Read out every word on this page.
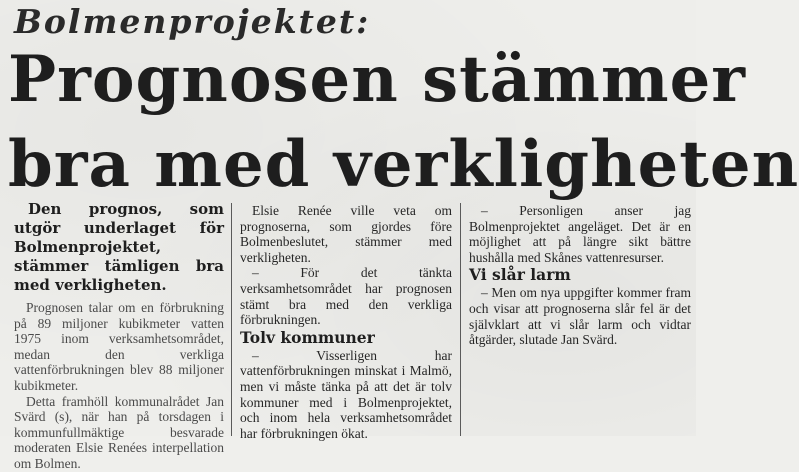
Bolmenprojektet:
Prognosen stämmer
bra med verkligheten

Den prognos, som utgör underlaget för Bolmenprojektet, stämmer tämligen bra med verkligheten.

Prognosen talar om en förbrukning på 89 miljoner kubikmeter vatten 1975 inom verksamhetsområdet, medan den verkliga vattenförbrukningen blev 88 miljoner kubikmeter.

Detta framhöll kommunalrådet Jan Svärd (s), när han på torsdagen i kommunfullmäktige besvarade moderaten Elsie Renées interpellation om Bolmen.

Elsie Renée ville veta om prognoserna, som gjordes före Bolmenbeslutet, stämmer med verkligheten.

– För det tänkta verksamhetsområdet har prognosen stämt bra med den verkliga förbrukningen.

Tolv kommuner

– Visserligen har vattenförbrukningen minskat i Malmö, men vi måste tänka på att det är tolv kommuner med i Bolmenprojektet, och inom hela verksamhetsområdet har förbrukningen ökat.

– Personligen anser jag Bolmenprojektet angeläget. Det är en möjlighet att på längre sikt bättre hushålla med Skånes vattenresurser.

Vi slår larm

– Men om nya uppgifter kommer fram och visar att prognoserna slår fel är det självklart att vi slår larm och vidtar åtgärder, slutade Jan Svärd.
